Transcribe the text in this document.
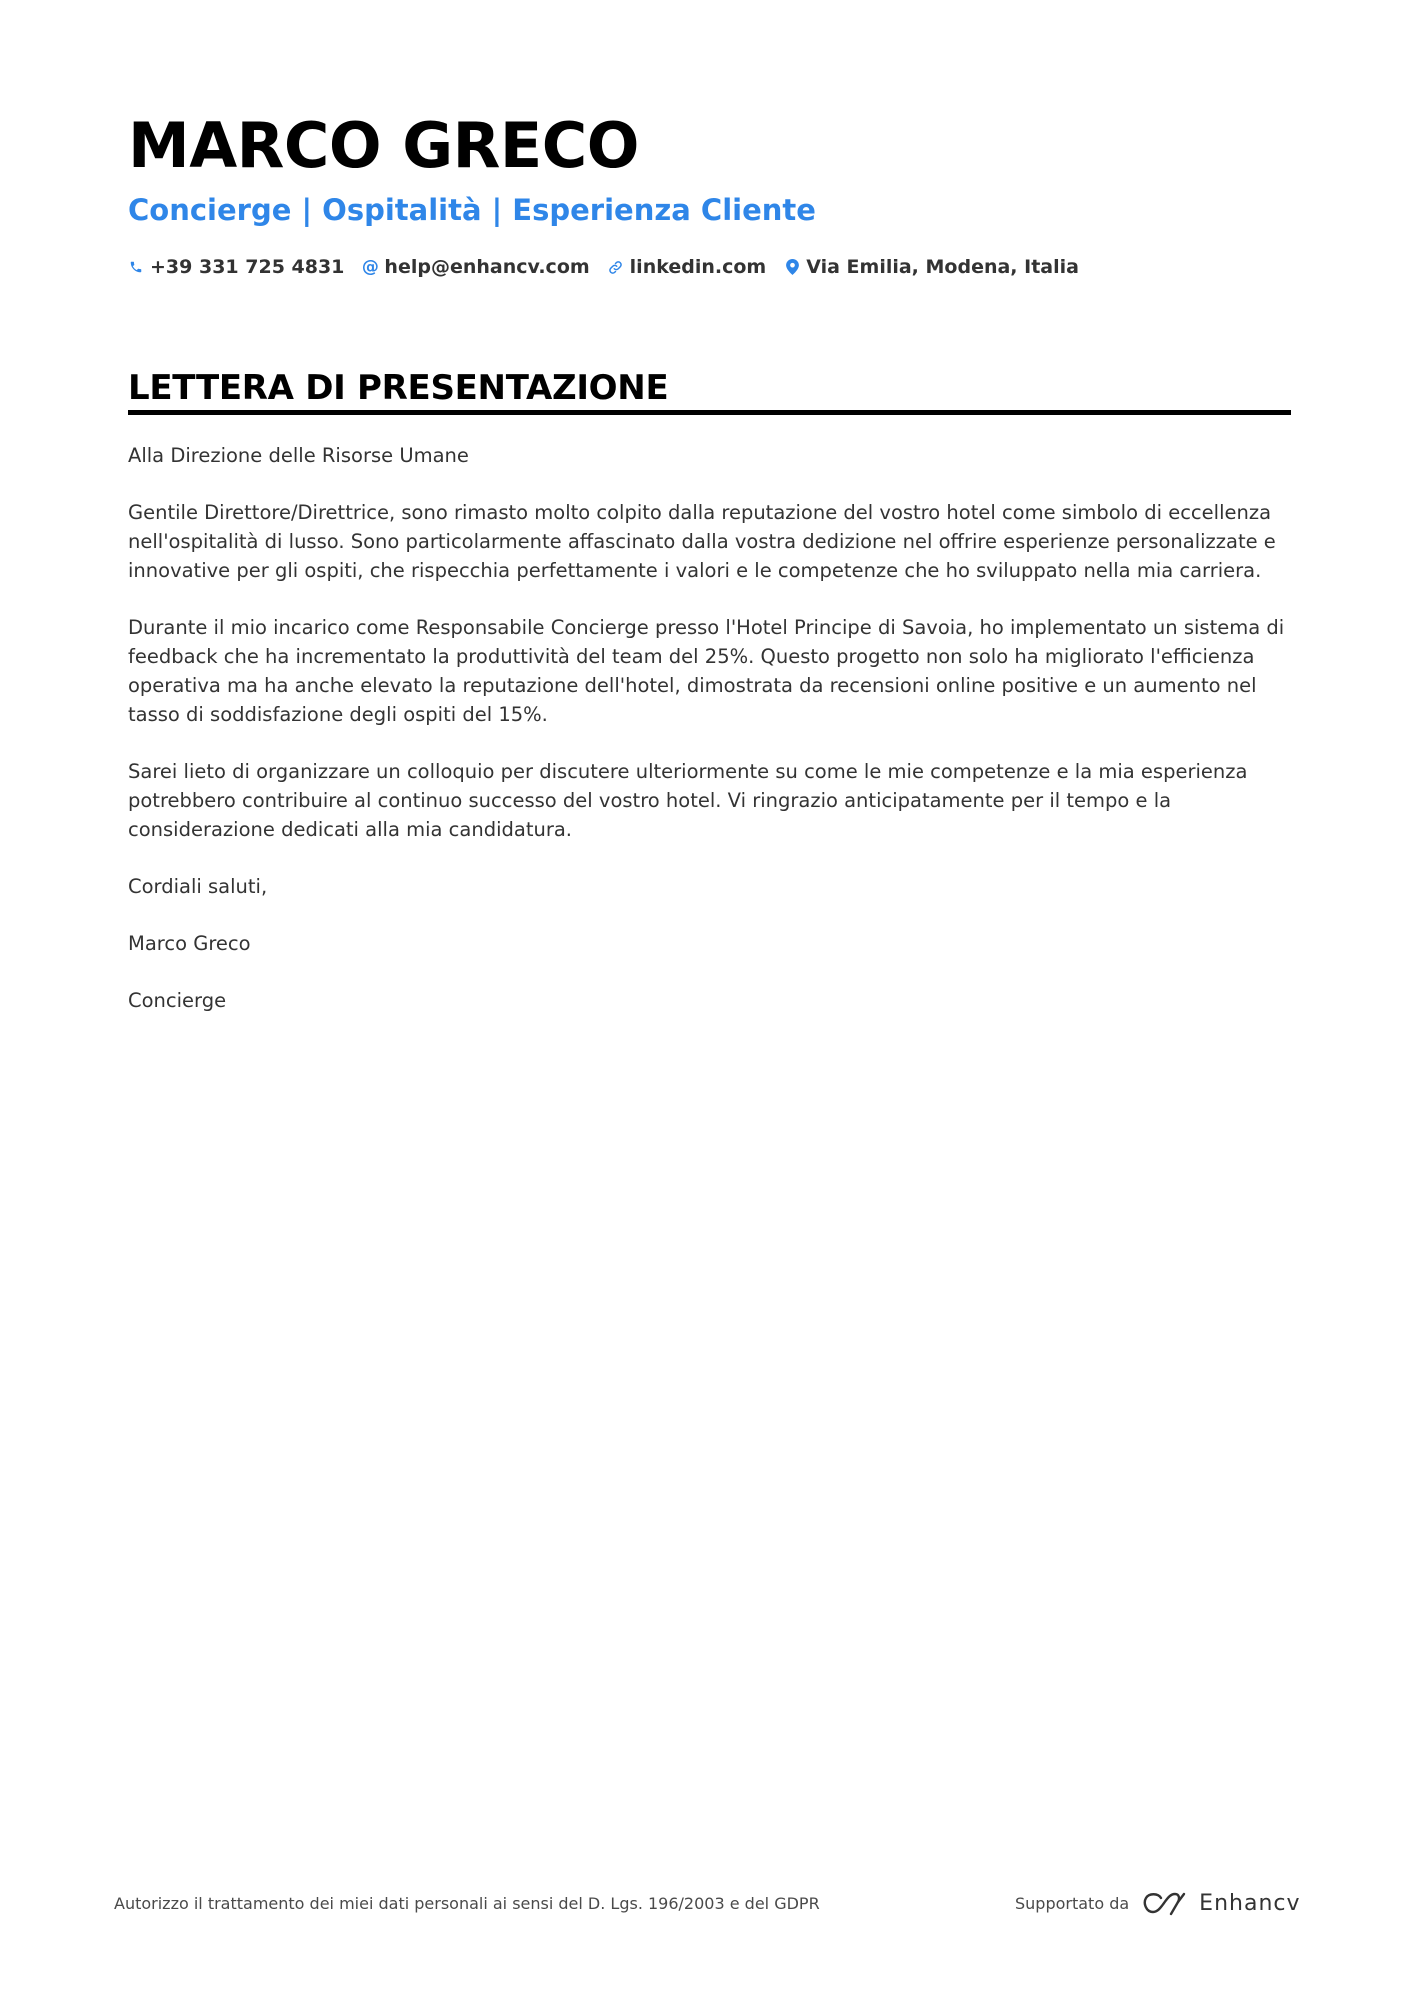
MARCO GRECO
Concierge | Ospitalità | Esperienza Cliente
+39 331 725 4831 @ help@enhancv.com linkedin.com Via Emilia, Modena, Italia
LETTERA DI PRESENTAZIONE

Alla Direzione delle Risorse Umane

Gentile Direttore/Direttrice, sono rimasto molto colpito dalla reputazione del vostro hotel come simbolo di eccellenza nell'ospitalità di lusso. Sono particolarmente affascinato dalla vostra dedizione nel offrire esperienze personalizzate e innovative per gli ospiti, che rispecchia perfettamente i valori e le competenze che ho sviluppato nella mia carriera.

Durante il mio incarico come Responsabile Concierge presso l'Hotel Principe di Savoia, ho implementato un sistema di feedback che ha incrementato la produttività del team del 25%. Questo progetto non solo ha migliorato l'efficienza operativa ma ha anche elevato la reputazione dell'hotel, dimostrata da recensioni online positive e un aumento nel tasso di soddisfazione degli ospiti del 15%.

Sarei lieto di organizzare un colloquio per discutere ulteriormente su come le mie competenze e la mia esperienza potrebbero contribuire al continuo successo del vostro hotel. Vi ringrazio anticipatamente per il tempo e la considerazione dedicati alla mia candidatura.

Cordiali saluti,

Marco Greco

Concierge

Autorizzo il trattamento dei miei dati personali ai sensi del D. Lgs. 196/2003 e del GDPR	Supportato da	Enhancv
